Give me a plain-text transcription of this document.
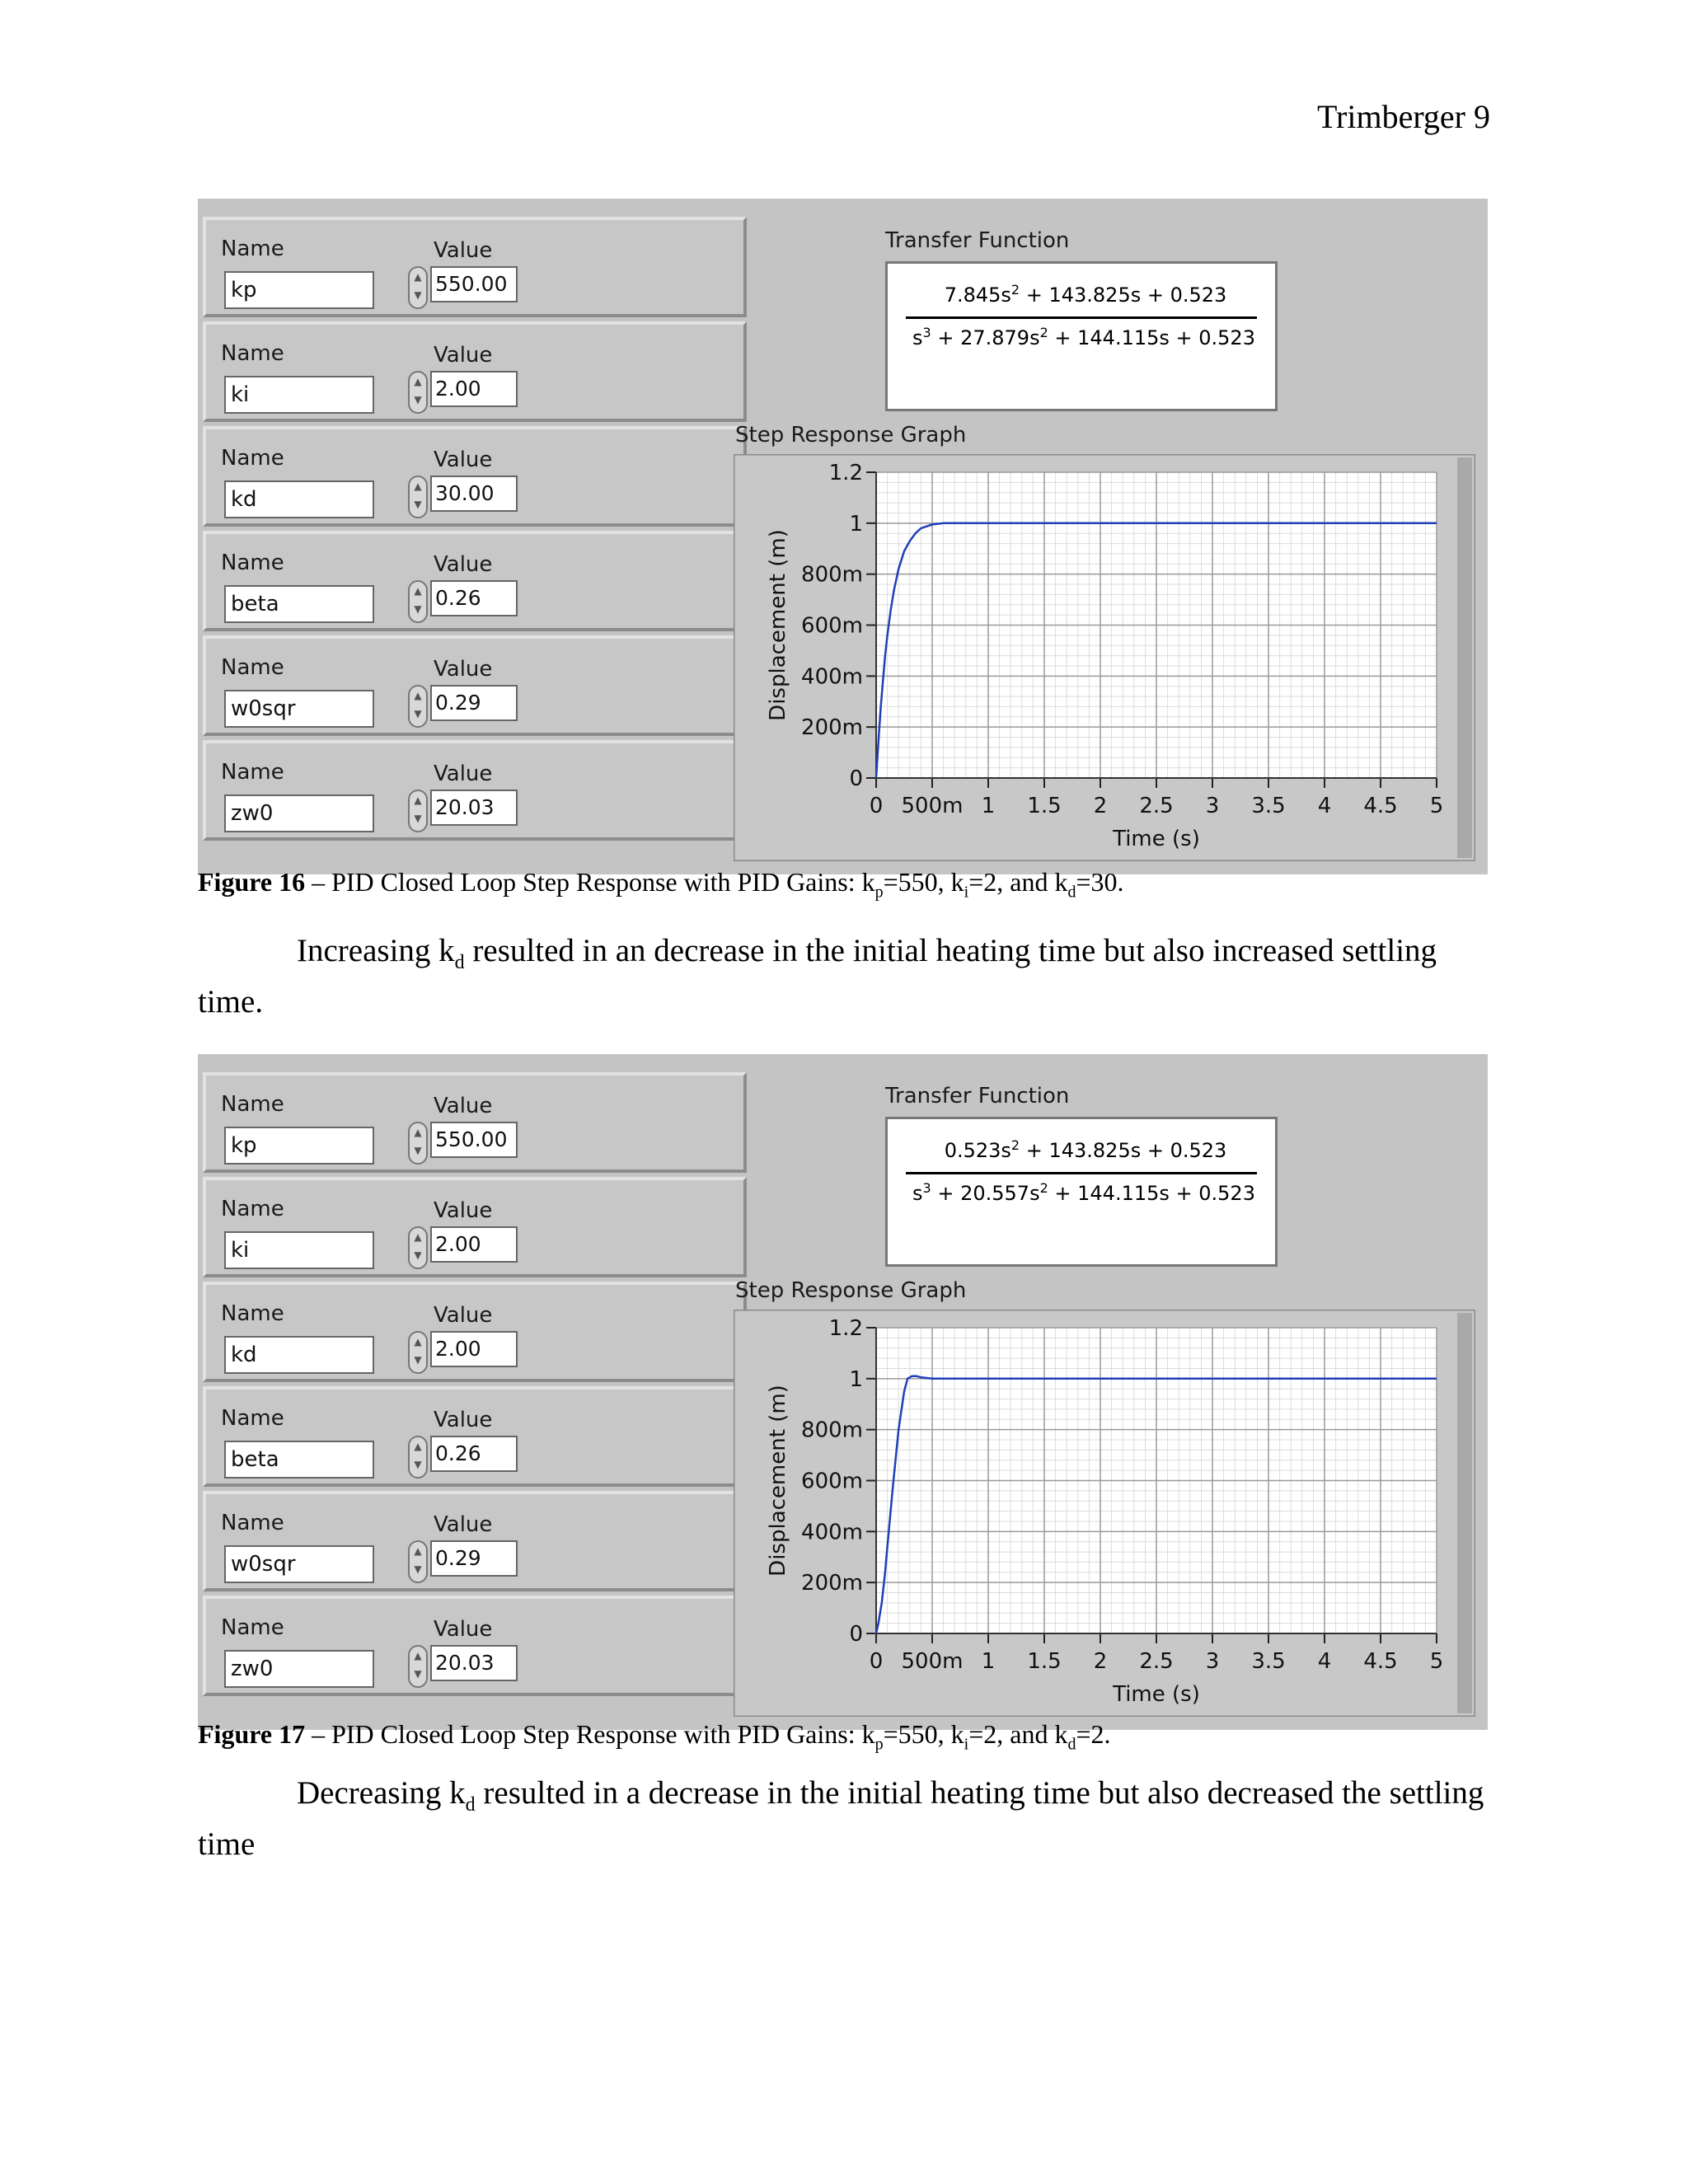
Trimberger 9
Name	Value
kp
▲
▼ 550.00
Name	Value
ki
▲
▼ 2.00
Name	Value
kd
▲
▼ 30.00
Name	Value
beta
▲
▼ 0.26
Name	Value
w0sqr
▲
▼ 0.29
Name	Value
zw0
▲
▼ 20.03
Transfer Function
$7.845s^2 + 143.825s + 0.523$
$s^3 + 27.879s^2 + 144.115s + 0.523$
Step Response Graph
0 500m 1 1.5 2 2.5 3 3.5 4 4.5 5
0
200m
400m
600m
800m
1
1.2
Time (s)
Displacement (m)
Figure 16 – PID Closed Loop Step Response with PID Gains: $k_p=550$, $k_i=2$, and $k_d=30$.
Increasing $k_d$ resulted in an decrease in the initial heating time but also increased settling time.
Name	Value
kp
▲
▼ 550.00
Name	Value
ki
▲
▼ 2.00
Name	Value
kd
▲
▼ 2.00
Name	Value
beta
▲
▼ 0.26
Name	Value
w0sqr
▲
▼ 0.29
Name	Value
zw0
▲
▼ 20.03
Transfer Function
$0.523s^2 + 143.825s + 0.523$
$s^3 + 20.557s^2 + 144.115s + 0.523$
Step Response Graph
0 500m 1 1.5 2 2.5 3 3.5 4 4.5 5
0
200m
400m
600m
800m
1
1.2
Time (s)
Displacement (m)
Figure 17 – PID Closed Loop Step Response with PID Gains: $k_p=550$, $k_i=2$, and $k_d=2$.
Decreasing $k_d$ resulted in a decrease in the initial heating time but also decreased the settling time
